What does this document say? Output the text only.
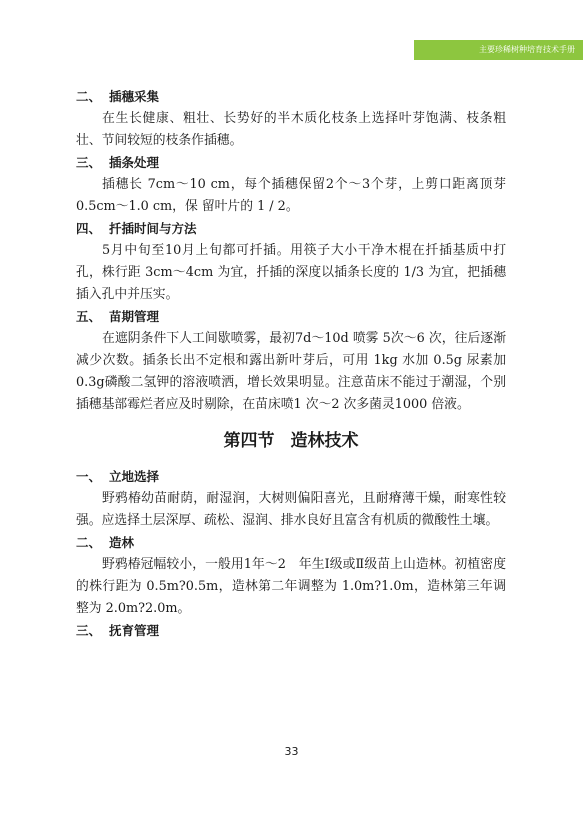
主要珍稀树种培育技术手册
二、 插穗采集

在生长健康、粗壮、长势好的半木质化枝条上选择叶芽饱满、枝条粗壮、节间较短的枝条作插穗。

三、 插条处理

插穗长 7cm～10 cm，每个插穗保留2个～3个芽，上剪口距离顶芽0.5cm～1.0 cm，保 留叶片的 1 / 2。

四、 扦插时间与方法

5月中旬至10月上旬都可扦插。用筷子大小干净木棍在扦插基质中打孔，株行距 3cm～4cm 为宜，扦插的深度以插条长度的 1/3 为宜，把插穗插入孔中并压实。

五、 苗期管理

在遮阴条件下人工间歇喷雾，最初7d～10d 喷雾 5次～6 次，往后逐渐减少次数。插条长出不定根和露出新叶芽后，可用 1kg 水加 0.5g 尿素加 0.3g磷酸二氢钾的溶液喷洒，增长效果明显。注意苗床不能过于潮湿，个别插穗基部霉烂者应及时剔除，在苗床喷1 次～2 次多菌灵1000 倍液。

第四节 造林技术
一、 立地选择

野鸦椿幼苗耐荫，耐湿润，大树则偏阳喜光，且耐瘠薄干燥，耐寒性较强。应选择土层深厚、疏松、湿润、排水良好且富含有机质的微酸性土壤。

二、 造林

野鸦椿冠幅较小，一般用1年～2　年生Ⅰ级或Ⅱ级苗上山造林。初植密度的株行距为 0.5m?0.5m，造林第二年调整为 1.0m?1.0m，造林第三年调整为 2.0m?2.0m。

三、 抚育管理
33
